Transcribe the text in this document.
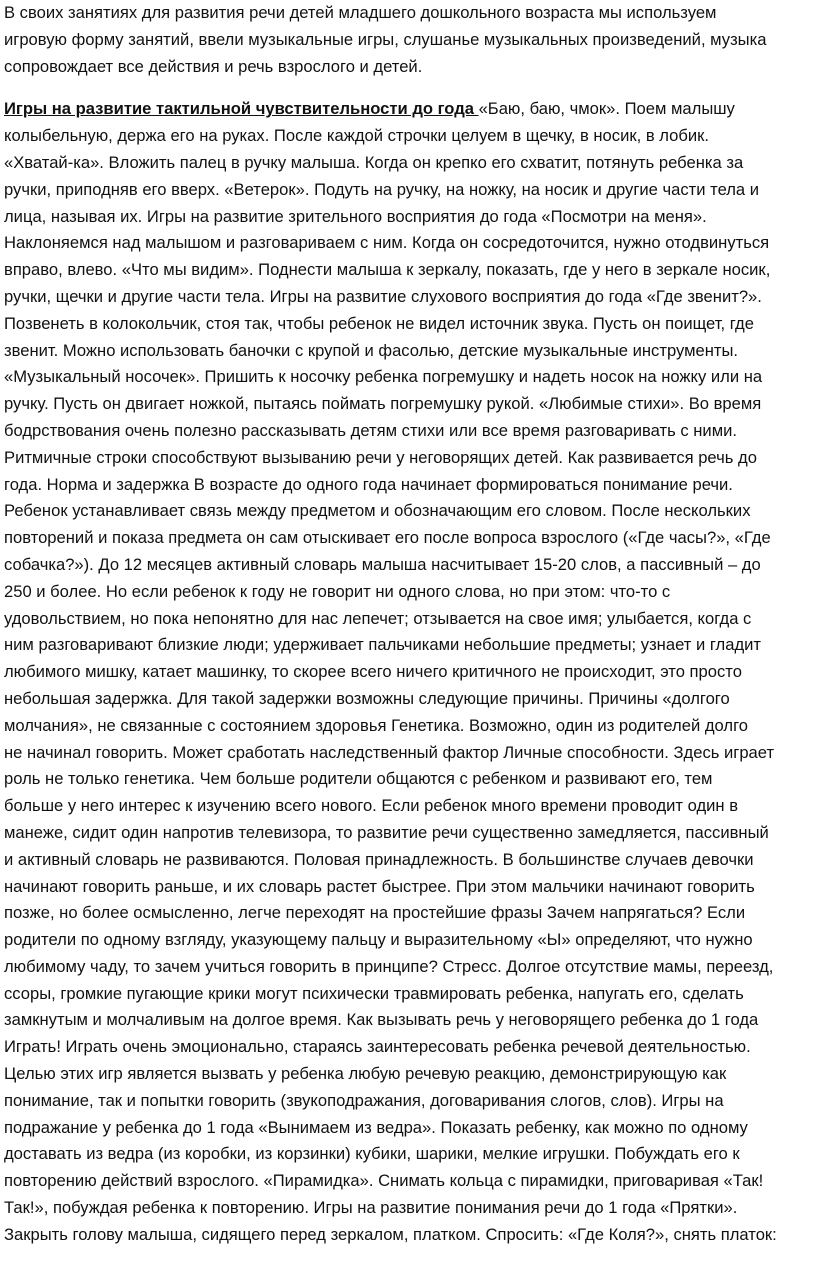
В своих занятиях для развития речи детей младшего дошкольного возраста мы используем
игровую форму занятий, ввели музыкальные игры, слушанье музыкальных произведений, музыка
сопровождает все действия и речь взрослого и детей.
Игры на развитие тактильной чувствительности до года «Баю, баю, чмок». Поем малышу
колыбельную, держа его на руках. После каждой строчки целуем в щечку, в носик, в лобик.
«Хватай-ка». Вложить палец в ручку малыша. Когда он крепко его схватит, потянуть ребенка за
ручки, приподняв его вверх. «Ветерок». Подуть на ручку, на ножку, на носик и другие части тела и
лица, называя их. Игры на развитие зрительного восприятия до года «Посмотри на меня».
Наклоняемся над малышом и разговариваем с ним. Когда он сосредоточится, нужно отодвинуться
вправо, влево. «Что мы видим». Поднести малыша к зеркалу, показать, где у него в зеркале носик,
ручки, щечки и другие части тела. Игры на развитие слухового восприятия до года «Где звенит?».
Позвенеть в колокольчик, стоя так, чтобы ребенок не видел источник звука. Пусть он поищет, где
звенит. Можно использовать баночки с крупой и фасолью, детские музыкальные инструменты.
«Музыкальный носочек». Пришить к носочку ребенка погремушку и надеть носок на ножку или на
ручку. Пусть он двигает ножкой, пытаясь поймать погремушку рукой. «Любимые стихи». Во время
бодрствования очень полезно рассказывать детям стихи или все время разговаривать с ними.
Ритмичные строки способствуют вызыванию речи у неговорящих детей. Как развивается речь до
года. Норма и задержка В возрасте до одного года начинает формироваться понимание речи.
Ребенок устанавливает связь между предметом и обозначающим его словом. После нескольких
повторений и показа предмета он сам отыскивает его после вопроса взрослого («Где часы?», «Где
собачка?»). До 12 месяцев активный словарь малыша насчитывает 15-20 слов, а пассивный – до
250 и более. Но если ребенок к году не говорит ни одного слова, но при этом: что-то с
удовольствием, но пока непонятно для нас лепечет; отзывается на свое имя; улыбается, когда с
ним разговаривают близкие люди; удерживает пальчиками небольшие предметы; узнает и гладит
любимого мишку, катает машинку, то скорее всего ничего критичного не происходит, это просто
небольшая задержка. Для такой задержки возможны следующие причины. Причины «долгого
молчания», не связанные с состоянием здоровья Генетика. Возможно, один из родителей долго
не начинал говорить. Может сработать наследственный фактор Личные способности. Здесь играет
роль не только генетика. Чем больше родители общаются с ребенком и развивают его, тем
больше у него интерес к изучению всего нового. Если ребенок много времени проводит один в
манеже, сидит один напротив телевизора, то развитие речи существенно замедляется, пассивный
и активный словарь не развиваются. Половая принадлежность. В большинстве случаев девочки
начинают говорить раньше, и их словарь растет быстрее. При этом мальчики начинают говорить
позже, но более осмысленно, легче переходят на простейшие фразы Зачем напрягаться? Если
родители по одному взгляду, указующему пальцу и выразительному «Ы» определяют, что нужно
любимому чаду, то зачем учиться говорить в принципе? Стресс. Долгое отсутствие мамы, переезд,
ссоры, громкие пугающие крики могут психически травмировать ребенка, напугать его, сделать
замкнутым и молчаливым на долгое время. Как вызывать речь у неговорящего ребенка до 1 года
Играть! Играть очень эмоционально, стараясь заинтересовать ребенка речевой деятельностью.
Целью этих игр является вызвать у ребенка любую речевую реакцию, демонстрирующую как
понимание, так и попытки говорить (звукоподражания, договаривания слогов, слов). Игры на
подражание у ребенка до 1 года «Вынимаем из ведра». Показать ребенку, как можно по одному
доставать из ведра (из коробки, из корзинки) кубики, шарики, мелкие игрушки. Побуждать его к
повторению действий взрослого. «Пирамидка». Снимать кольца с пирамидки, приговаривая «Так!
Так!», побуждая ребенка к повторению. Игры на развитие понимания речи до 1 года «Прятки».
Закрыть голову малыша, сидящего перед зеркалом, платком. Спросить: «Где Коля?», снять платок:
